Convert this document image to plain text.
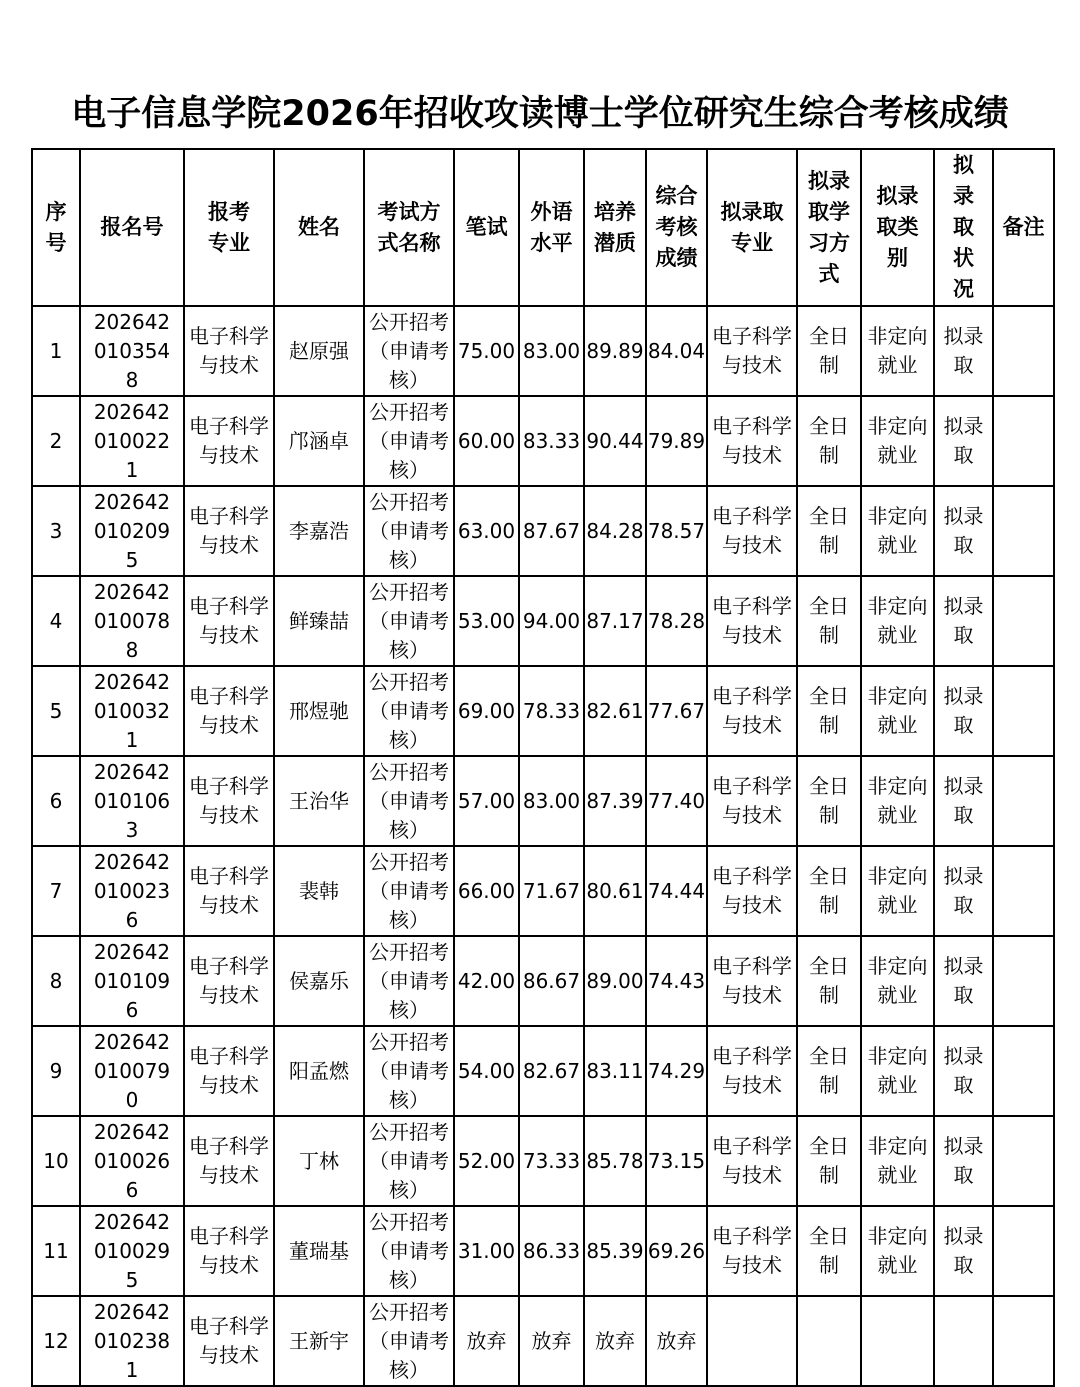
电子信息学院2026年招收攻读博士学位研究生综合考核成绩
序号	报名号	报考专业	姓名	考试方式名称	笔试	外语水平	培养潜质	综合考核成绩	拟录取专业	拟录取学习方式	拟录取类别	拟录取状况	备注
1	2026420103548	电子科学与技术	赵原强	公开招考（申请考核）	75.00	83.00	89.89	84.04	电子科学与技术	全日制	非定向就业	拟录取	

2	2026420100221	电子科学与技术	邝涵卓	公开招考（申请考核）	60.00	83.33	90.44	79.89	电子科学与技术	全日制	非定向就业	拟录取	

3	2026420102095	电子科学与技术	李嘉浩	公开招考（申请考核）	63.00	87.67	84.28	78.57	电子科学与技术	全日制	非定向就业	拟录取	

4	2026420100788	电子科学与技术	鲜臻喆	公开招考（申请考核）	53.00	94.00	87.17	78.28	电子科学与技术	全日制	非定向就业	拟录取	

5	2026420100321	电子科学与技术	邢煜驰	公开招考（申请考核）	69.00	78.33	82.61	77.67	电子科学与技术	全日制	非定向就业	拟录取	

6	2026420101063	电子科学与技术	王治华	公开招考（申请考核）	57.00	83.00	87.39	77.40	电子科学与技术	全日制	非定向就业	拟录取	

7	2026420100236	电子科学与技术	裴韩	公开招考（申请考核）	66.00	71.67	80.61	74.44	电子科学与技术	全日制	非定向就业	拟录取	

8	2026420101096	电子科学与技术	侯嘉乐	公开招考（申请考核）	42.00	86.67	89.00	74.43	电子科学与技术	全日制	非定向就业	拟录取	

9	2026420100790	电子科学与技术	阳孟燃	公开招考（申请考核）	54.00	82.67	83.11	74.29	电子科学与技术	全日制	非定向就业	拟录取	

10	2026420100266	电子科学与技术	丁林	公开招考（申请考核）	52.00	73.33	85.78	73.15	电子科学与技术	全日制	非定向就业	拟录取	

11	2026420100295	电子科学与技术	董瑞基	公开招考（申请考核）	31.00	86.33	85.39	69.26	电子科学与技术	全日制	非定向就业	拟录取	

12	2026420102381	电子科学与技术	王新宇	公开招考（申请考核）	放弃	放弃	放弃	放弃	
